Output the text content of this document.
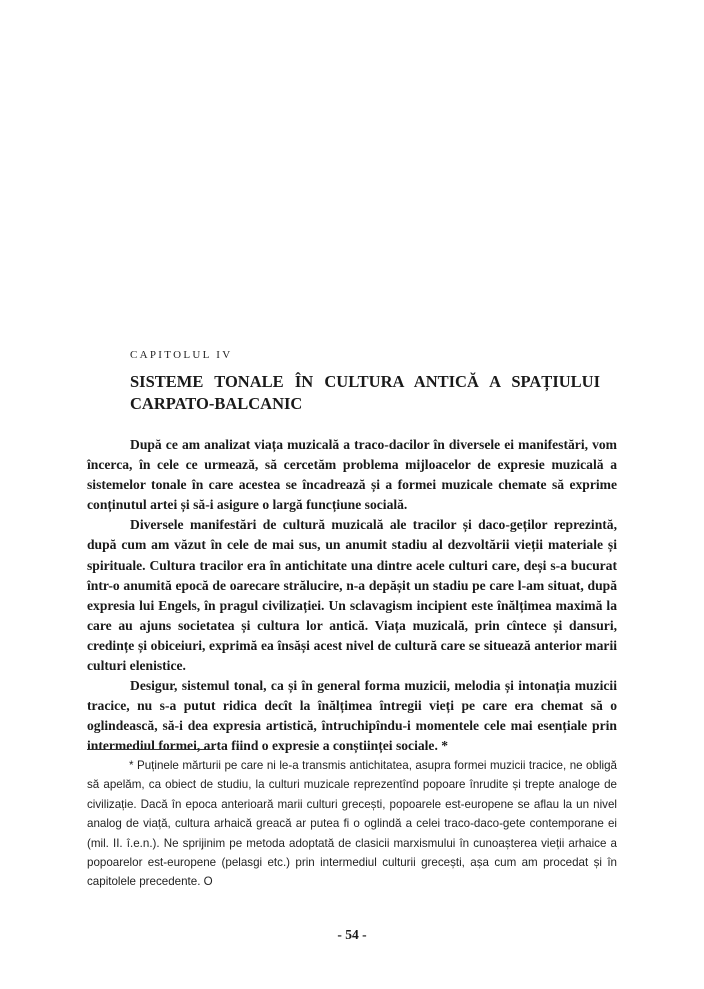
CAPITOLUL IV
SISTEME TONALE ÎN CULTURA ANTICĂ A SPAȚIULUI
CARPATO-BALCANIC

După ce am analizat viața muzicală a traco-dacilor în diversele ei manifestări, vom încerca, în cele ce urmează, să cercetăm problema mijloacelor de expresie muzicală a sistemelor tonale în care acestea se încadrează și a formei muzicale chemate să exprime conținutul artei și să-i asigure o largă funcțiune socială.

Diversele manifestări de cultură muzicală ale tracilor și daco-geților reprezintă, după cum am văzut în cele de mai sus, un anumit stadiu al dezvoltării vieții materiale și spirituale. Cultura tracilor era în antichitate una dintre acele culturi care, deși s-a bucurat într-o anumită epocă de oarecare strălucire, n-a depășit un stadiu pe care l-am situat, după expresia lui Engels, în pragul civilizației. Un sclavagism incipient este înălțimea maximă la care au ajuns societatea și cultura lor antică. Viața muzicală, prin cîntece și dansuri, credințe și obiceiuri, exprimă ea însăși acest nivel de cultură care se situează anterior marii culturi elenistice.

Desigur, sistemul tonal, ca și în general forma muzicii, melodia și intonația muzicii tracice, nu s-a putut ridica decît la înălțimea întregii vieți pe care era chemat să o oglindească, să-i dea expresia artistică, întruchipîndu-i momentele cele mai esențiale prin intermediul formei, arta fiind o expresie a conștiinței sociale. *

* Puținele mărturii pe care ni le-a transmis antichitatea, asupra formei muzicii tracice, ne obligă să apelăm, ca obiect de studiu, la culturi muzicale reprezentînd popoare înrudite și trepte analoge de civilizație. Dacă în epoca anterioară marii culturi grecești, popoarele est-europene se aflau la un nivel analog de viață, cultura arhaică greacă ar putea fi o oglindă a celei traco-daco-gete contemporane ei (mil. II. î.e.n.). Ne sprijinim pe metoda adoptată de clasicii marxismului în cunoașterea vieții arhaice a popoarelor est-europene (pelasgi etc.) prin intermediul culturii grecești, așa cum am procedat și în capitolele precedente. O

- 54 -
